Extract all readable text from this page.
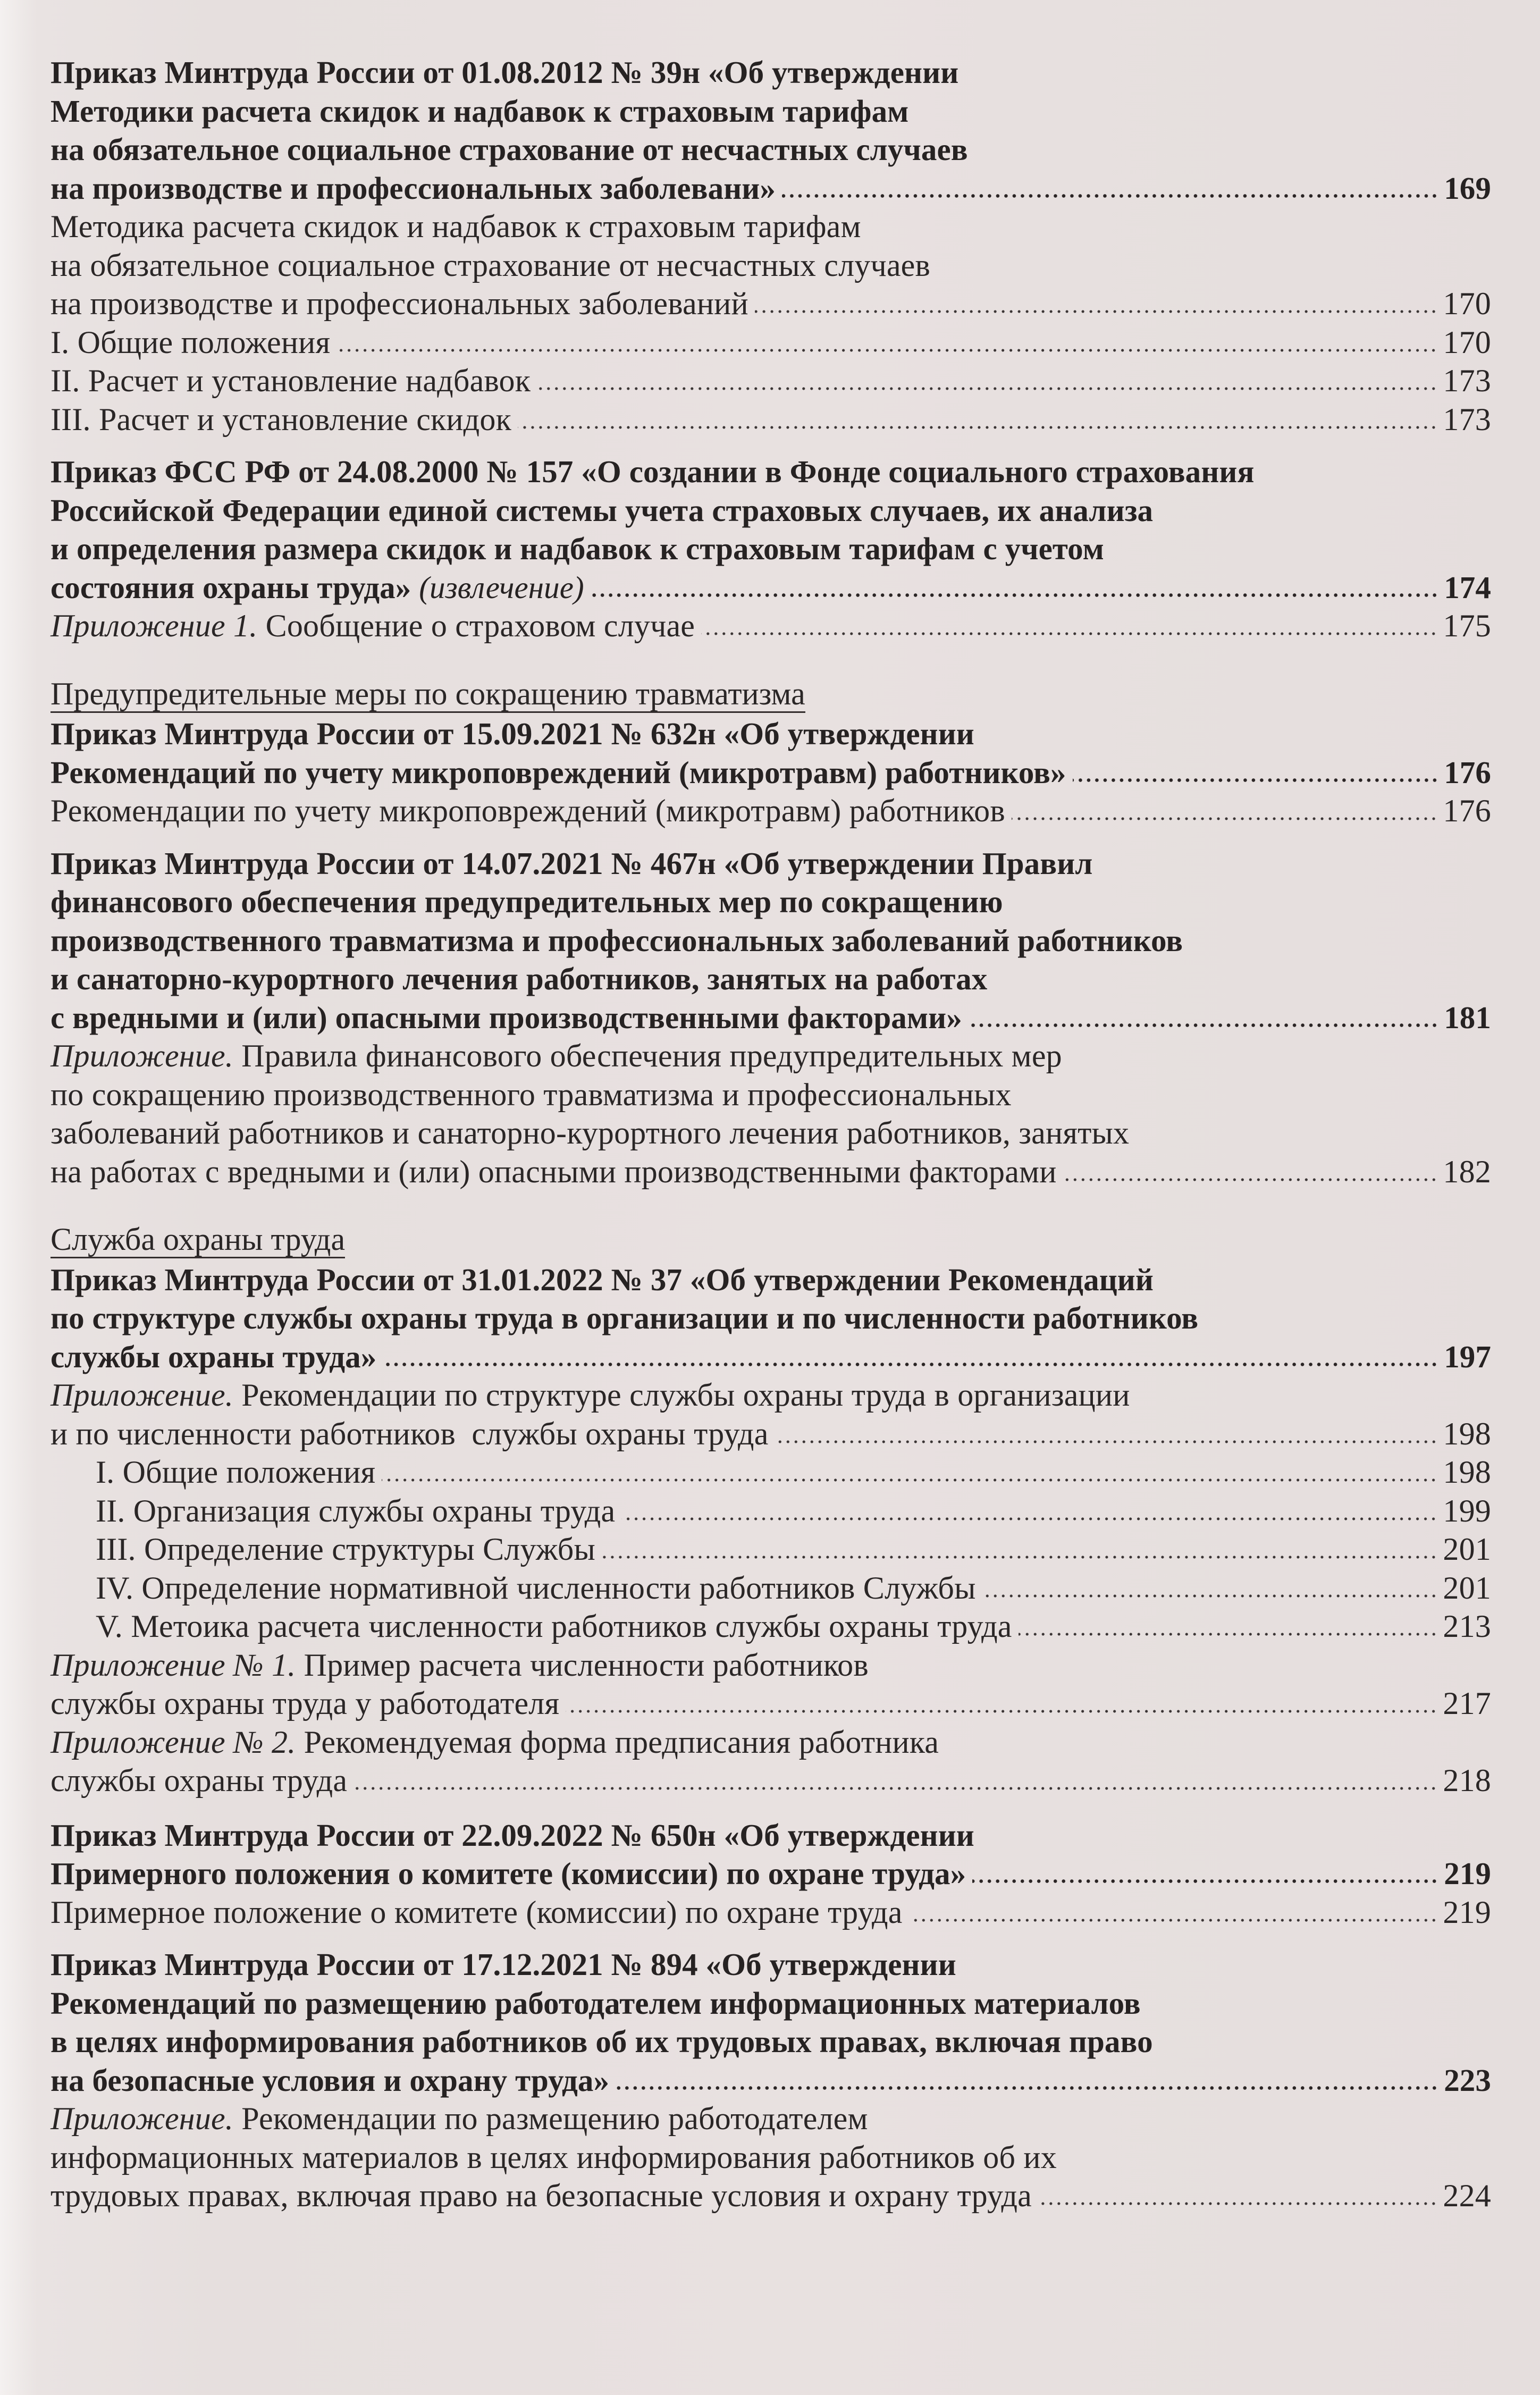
Приказ Минтруда России от 01.08.2012 № 39н «Об утверждении
Методики расчета скидок и надбавок к страховым тарифам
на обязательное социальное страхование от несчастных случаев
на производстве и профессиональных заболевани»	169
Методика расчета скидок и надбавок к страховым тарифам
на обязательное социальное страхование от несчастных случаев
на производстве и профессиональных заболеваний	170
I. Общие положения	170
II. Расчет и установление надбавок	173
III. Расчет и установление скидок	173
Приказ ФСС РФ от 24.08.2000 № 157 «О создании в Фонде социального страхования
Российской Федерации единой системы учета страховых случаев, их анализа
и определения размера скидок и надбавок к страховым тарифам с учетом
состояния охраны труда» (извлечение)	174
Приложение 1. Сообщение о страховом случае	175
Предупредительные меры по сокращению травматизма
Приказ Минтруда России от 15.09.2021 № 632н «Об утверждении
Рекомендаций по учету микроповреждений (микротравм) работников»	176
Рекомендации по учету микроповреждений (микротравм) работников	176
Приказ Минтруда России от 14.07.2021 № 467н «Об утверждении Правил
финансового обеспечения предупредительных мер по сокращению
производственного травматизма и профессиональных заболеваний работников
и санаторно-курортного лечения работников, занятых на работах
с вредными и (или) опасными производственными факторами»	181
Приложение. Правила финансового обеспечения предупредительных мер
по сокращению производственного травматизма и профессиональных
заболеваний работников и санаторно-курортного лечения работников, занятых
на работах с вредными и (или) опасными производственными факторами	182
Служба охраны труда
Приказ Минтруда России от 31.01.2022 № 37 «Об утверждении Рекомендаций
по структуре службы охраны труда в организации и по численности работников
службы охраны труда»	197
Приложение. Рекомендации по структуре службы охраны труда в организации
и по численности работников  службы охраны труда	198
I. Общие положения	198
II. Организация службы охраны труда	199
III. Определение структуры Службы	201
IV. Определение нормативной численности работников Службы	201
V. Метоика расчета численности работников службы охраны труда	213
Приложение № 1. Пример расчета численности работников
службы охраны труда у работодателя	217
Приложение № 2. Рекомендуемая форма предписания работника
службы охраны труда	218
Приказ Минтруда России от 22.09.2022 № 650н «Об утверждении
Примерного положения о комитете (комиссии) по охране труда»	219
Примерное положение о комитете (комиссии) по охране труда	219
Приказ Минтруда России от 17.12.2021 № 894 «Об утверждении
Рекомендаций по размещению работодателем информационных материалов
в целях информирования работников об их трудовых правах, включая право
на безопасные условия и охрану труда»	223
Приложение. Рекомендации по размещению работодателем
информационных материалов в целях информирования работников об их
трудовых правах, включая право на безопасные условия и охрану труда	224
